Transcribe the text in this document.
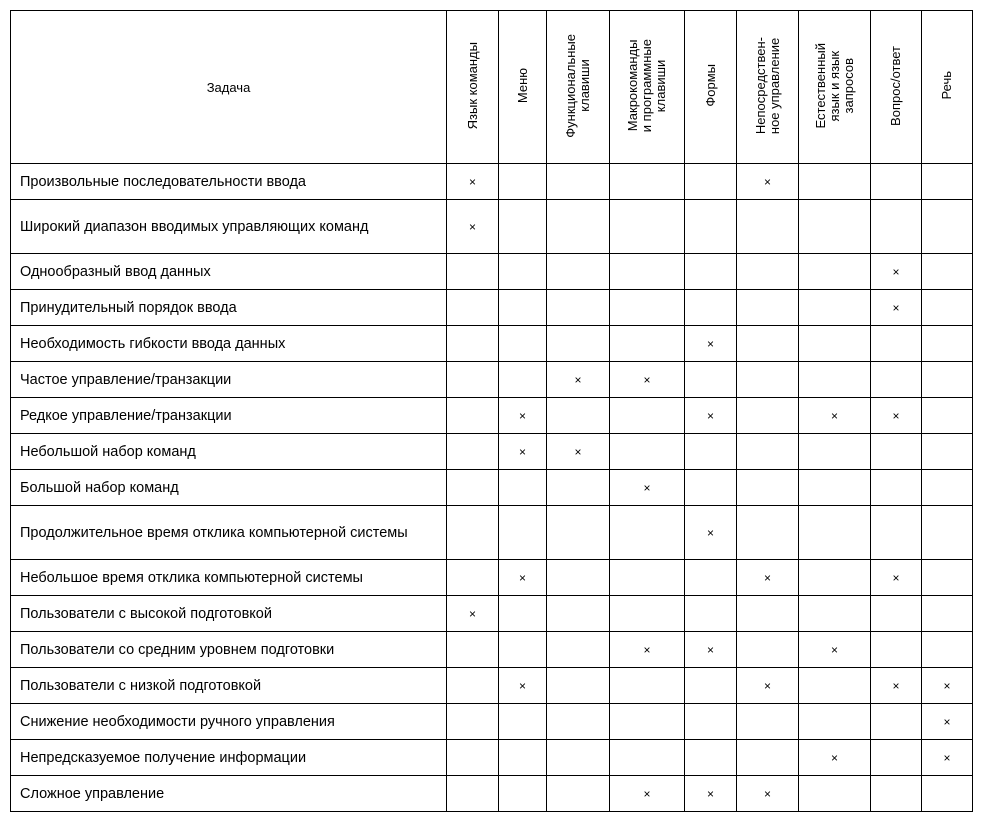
Задача	Язык команды	Меню	Функциональные
клавиши	Макрокоманды
и программные
клавиши	Формы	Непосредствен-
ное управление	Естественный
язык и язык
запросов	Вопрос/ответ	Речь
Произвольные последовательности ввода	×					×			
Широкий диапазон вводимых управляющих команд	×								
Однообразный ввод данных								×	
Принудительный порядок ввода								×	
Необходимость гибкости ввода данных					×				
Частое управление/транзакции			×	×					
Редкое управление/транзакции		×			×		×	×	
Небольшой набор команд		×	×						
Большой набор команд				×					
Продолжительное время отклика компьютерной системы					×				
Небольшое время отклика компьютерной системы		×				×		×	
Пользователи с высокой подготовкой	×								
Пользователи со средним уровнем подготовки				×	×		×		
Пользователи с низкой подготовкой		×				×		×	×
Снижение необходимости ручного управления									×
Непредсказуемое получение информации							×		×
Сложное управление				×	×	×			
